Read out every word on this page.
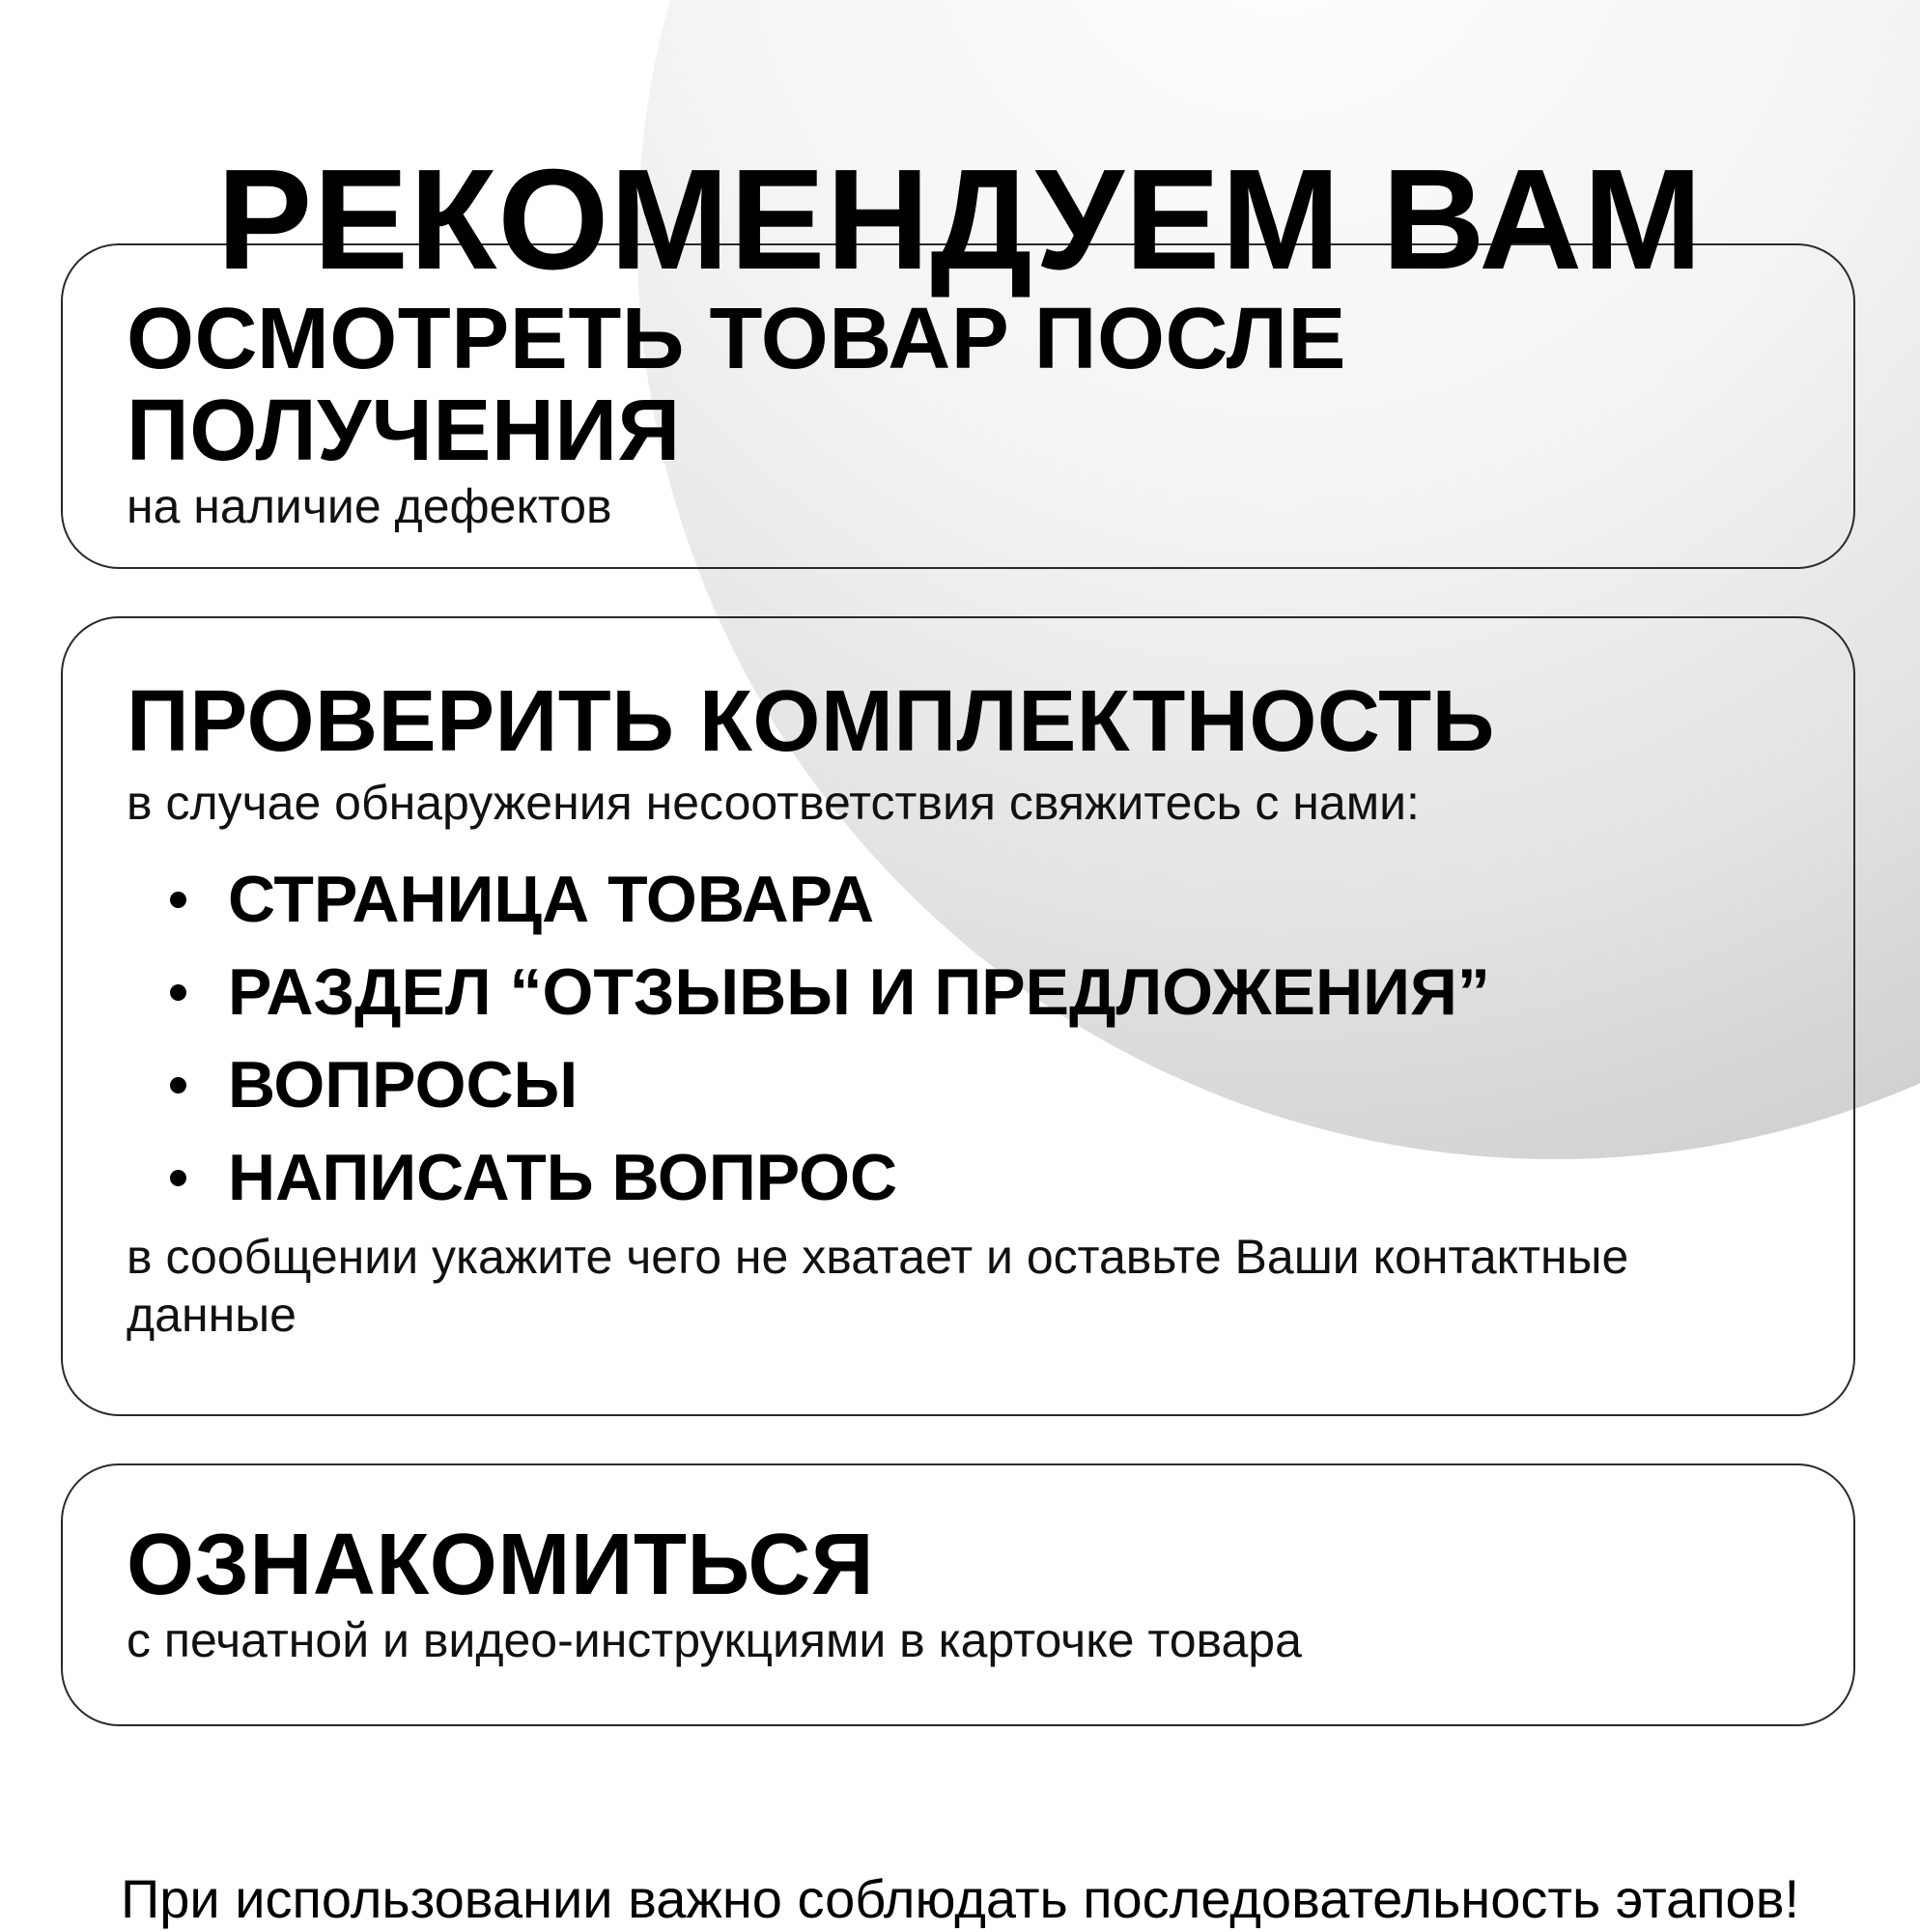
РЕКОМЕНДУЕМ ВАМ
ОСМОТРЕТЬ ТОВАР ПОСЛЕ
ПОЛУЧЕНИЯ

на наличие дефектов

ПРОВЕРИТЬ КОМПЛЕКТНОСТЬ

в случае обнаружения несоответствия свяжитесь с нами:

СТРАНИЦА ТОВАРА
РАЗДЕЛ “ОТЗЫВЫ И ПРЕДЛОЖЕНИЯ”
ВОПРОСЫ
НАПИСАТЬ ВОПРОС

в сообщении укажите чего не хватает и оставьте Ваши контактные
данные

ОЗНАКОМИТЬСЯ

с печатной и видео-инструкциями в карточке товара

При использовании важно соблюдать последовательность этапов!
